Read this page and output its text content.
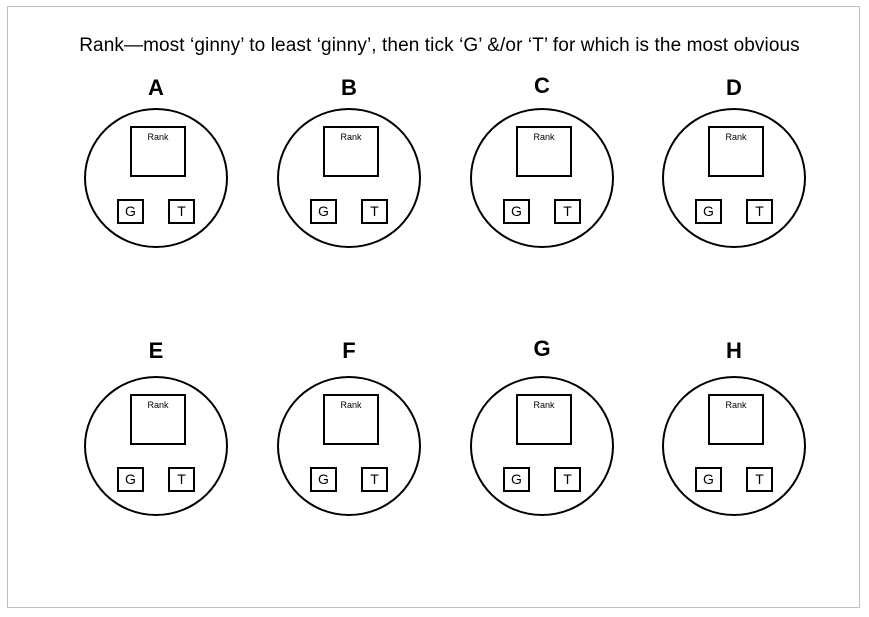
Rank—most ‘ginny’ to least ‘ginny’, then tick ‘G’ &/or ‘T’ for which is the most obvious
A
Rank
G	T
B
Rank
G	T
C
Rank
G	T
D
Rank
G	T
E
Rank
G	T
F
Rank
G	T
G
Rank
G	T
H
Rank
G	T
